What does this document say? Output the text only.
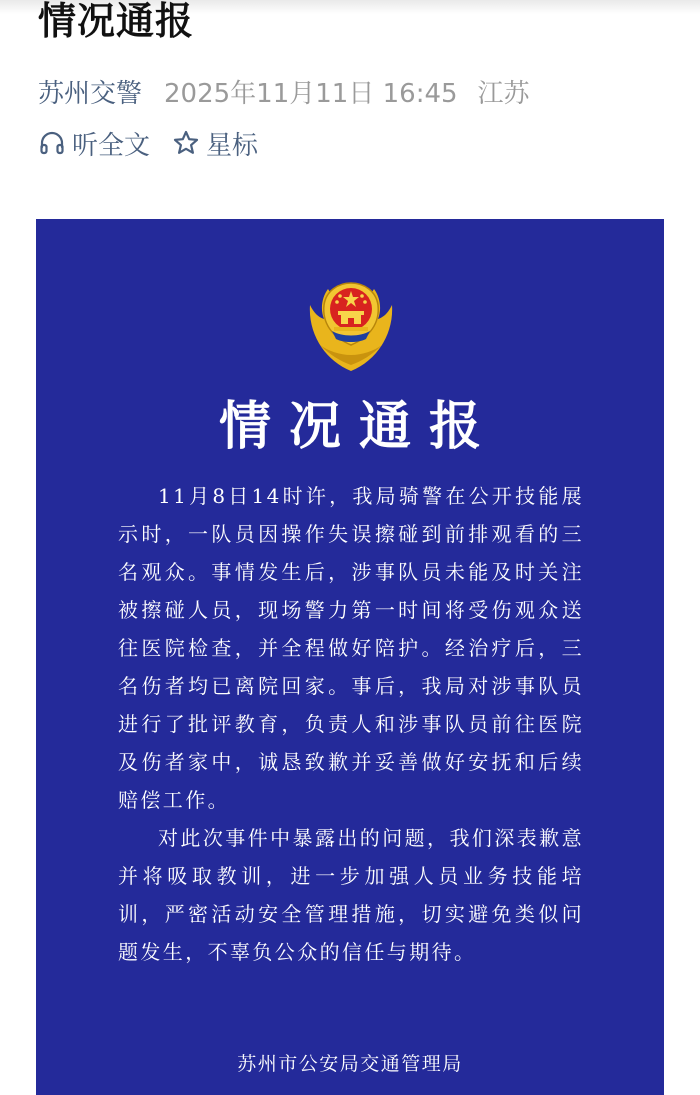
情况通报
苏州交警 2025年11月11日 16:45 江苏
听全文 星标
情况通报

11月8日14时许，我局骑警在公开技能展示时，一队员因操作失误擦碰到前排观看的三名观众。事情发生后，涉事队员未能及时关注被擦碰人员，现场警力第一时间将受伤观众送往医院检查，并全程做好陪护。经治疗后，三名伤者均已离院回家。事后，我局对涉事队员进行了批评教育，负责人和涉事队员前往医院及伤者家中，诚恳致歉并妥善做好安抚和后续赔偿工作。

对此次事件中暴露出的问题，我们深表歉意并将吸取教训，进一步加强人员业务技能培训，严密活动安全管理措施，切实避免类似问题发生，不辜负公众的信任与期待。

苏州市公安局交通管理局
